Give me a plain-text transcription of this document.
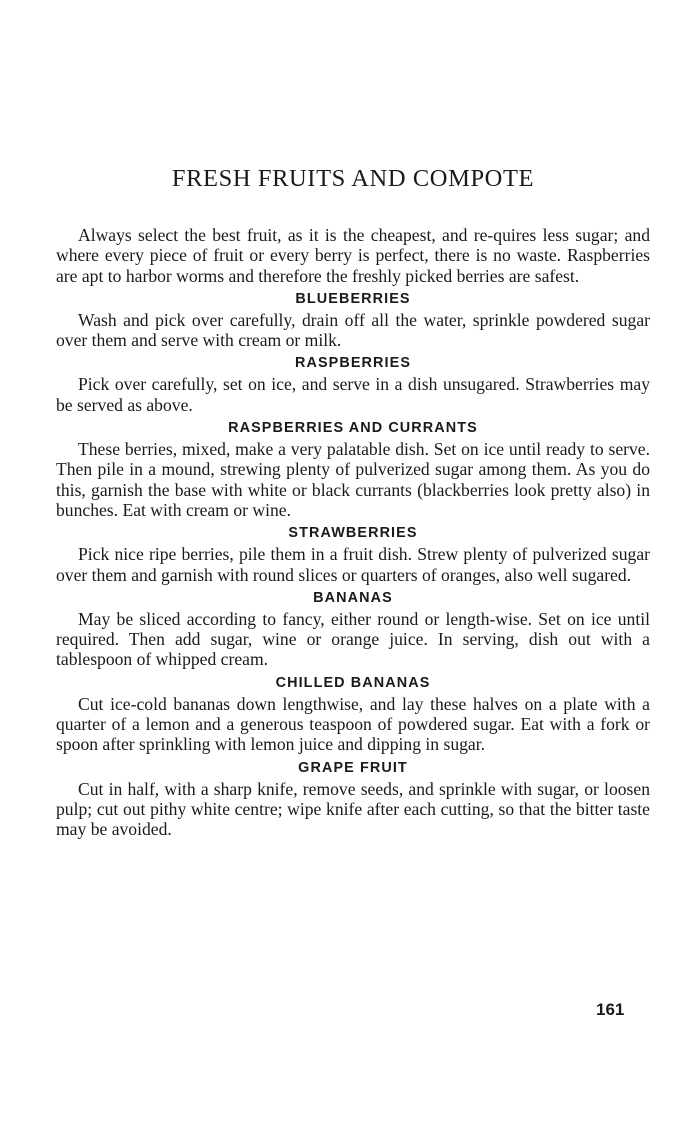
FRESH FRUITS AND COMPOTE

Always select the best fruit, as it is the cheapest, and re-quires less sugar; and where every piece of fruit or every berry is perfect, there is no waste. Raspberries are apt to harbor worms and therefore the freshly picked berries are safest.

BLUEBERRIES

Wash and pick over carefully, drain off all the water, sprinkle powdered sugar over them and serve with cream or milk.

RASPBERRIES

Pick over carefully, set on ice, and serve in a dish unsugared. Strawberries may be served as above.

RASPBERRIES AND CURRANTS

These berries, mixed, make a very palatable dish. Set on ice until ready to serve. Then pile in a mound, strewing plenty of pulverized sugar among them. As you do this, garnish the base with white or black currants (blackberries look pretty also) in bunches. Eat with cream or wine.

STRAWBERRIES

Pick nice ripe berries, pile them in a fruit dish. Strew plenty of pulverized sugar over them and garnish with round slices or quarters of oranges, also well sugared.

BANANAS

May be sliced according to fancy, either round or length-wise. Set on ice until required. Then add sugar, wine or orange juice. In serving, dish out with a tablespoon of whipped cream.

CHILLED BANANAS

Cut ice-cold bananas down lengthwise, and lay these halves on a plate with a quarter of a lemon and a generous teaspoon of powdered sugar. Eat with a fork or spoon after sprinkling with lemon juice and dipping in sugar.

GRAPE FRUIT

Cut in half, with a sharp knife, remove seeds, and sprinkle with sugar, or loosen pulp; cut out pithy white centre; wipe knife after each cutting, so that the bitter taste may be avoided.

161
